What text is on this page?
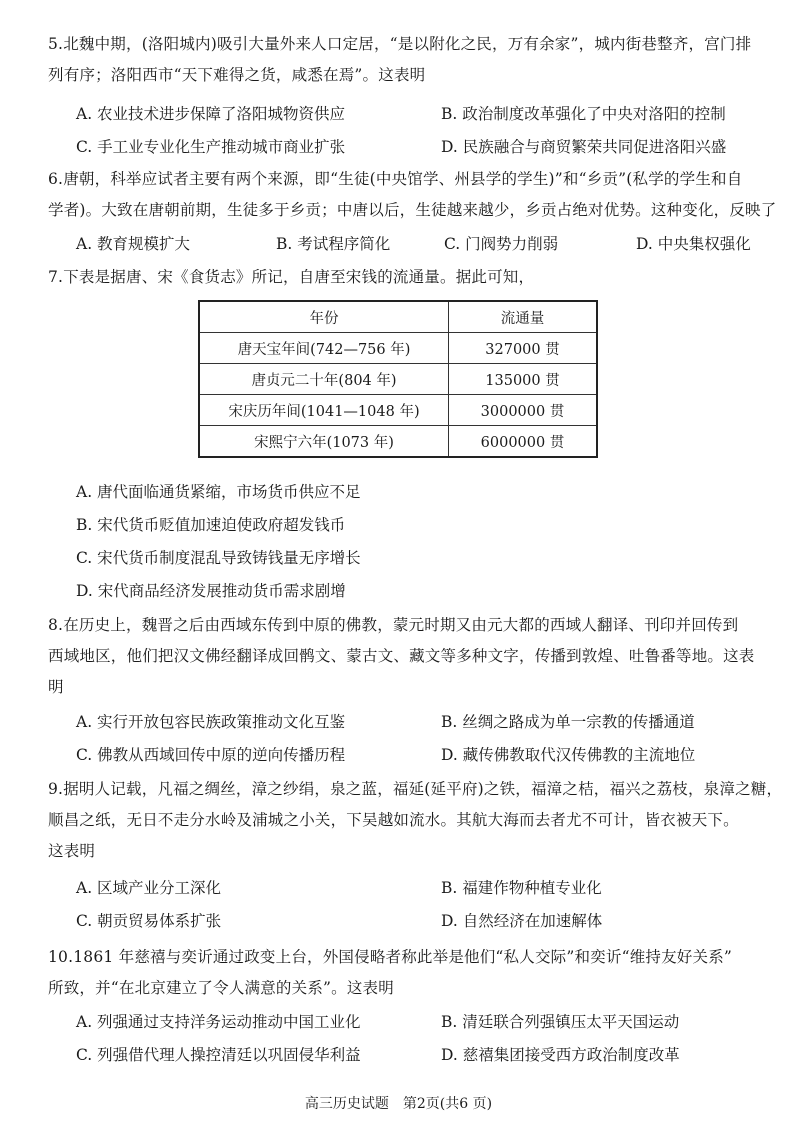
5.北魏中期，(洛阳城内)吸引大量外来人口定居，“是以附化之民，万有余家”，城内街巷整齐，宫门排
列有序；洛阳西市“天下难得之货，咸悉在焉”。这表明
A. 农业技术进步保障了洛阳城物资供应	B. 政治制度改革强化了中央对洛阳的控制
C. 手工业专业化生产推动城市商业扩张	D. 民族融合与商贸繁荣共同促进洛阳兴盛
6.唐朝，科举应试者主要有两个来源，即“生徒(中央馆学、州县学的学生)”和“乡贡”(私学的学生和自
学者)。大致在唐朝前期，生徒多于乡贡；中唐以后，生徒越来越少，乡贡占绝对优势。这种变化，反映了
A. 教育规模扩大	B. 考试程序简化	C. 门阀势力削弱	D. 中央集权强化
7.下表是据唐、宋《食货志》所记，自唐至宋钱的流通量。据此可知，
年份	流通量
唐天宝年间(742—756 年)	327000 贯
唐贞元二十年(804 年)	135000 贯
宋庆历年间(1041—1048 年)	3000000 贯
宋熙宁六年(1073 年)	6000000 贯
A. 唐代面临通货紧缩，市场货币供应不足
B. 宋代货币贬值加速迫使政府超发钱币
C. 宋代货币制度混乱导致铸钱量无序增长
D. 宋代商品经济发展推动货币需求剧增
8.在历史上，魏晋之后由西域东传到中原的佛教，蒙元时期又由元大都的西域人翻译、刊印并回传到
西域地区，他们把汉文佛经翻译成回鹘文、蒙古文、藏文等多种文字，传播到敦煌、吐鲁番等地。这表
明
A. 实行开放包容民族政策推动文化互鉴	B. 丝绸之路成为单一宗教的传播通道
C. 佛教从西域回传中原的逆向传播历程	D. 藏传佛教取代汉传佛教的主流地位
9.据明人记载，凡福之绸丝，漳之纱绢，泉之蓝，福延(延平府)之铁，福漳之桔，福兴之荔枝，泉漳之糖，
顺昌之纸，无日不走分水岭及浦城之小关，下吴越如流水。其航大海而去者尤不可计，皆衣被天下。
这表明
A. 区域产业分工深化	B. 福建作物种植专业化
C. 朝贡贸易体系扩张	D. 自然经济在加速解体
10.1861 年慈禧与奕䜣通过政变上台，外国侵略者称此举是他们“私人交际”和奕䜣“维持友好关系”
所致，并“在北京建立了令人满意的关系”。这表明
A. 列强通过支持洋务运动推动中国工业化	B. 清廷联合列强镇压太平天国运动
C. 列强借代理人操控清廷以巩固侵华利益	D. 慈禧集团接受西方政治制度改革
高三历史试题　第2页(共6 页)
